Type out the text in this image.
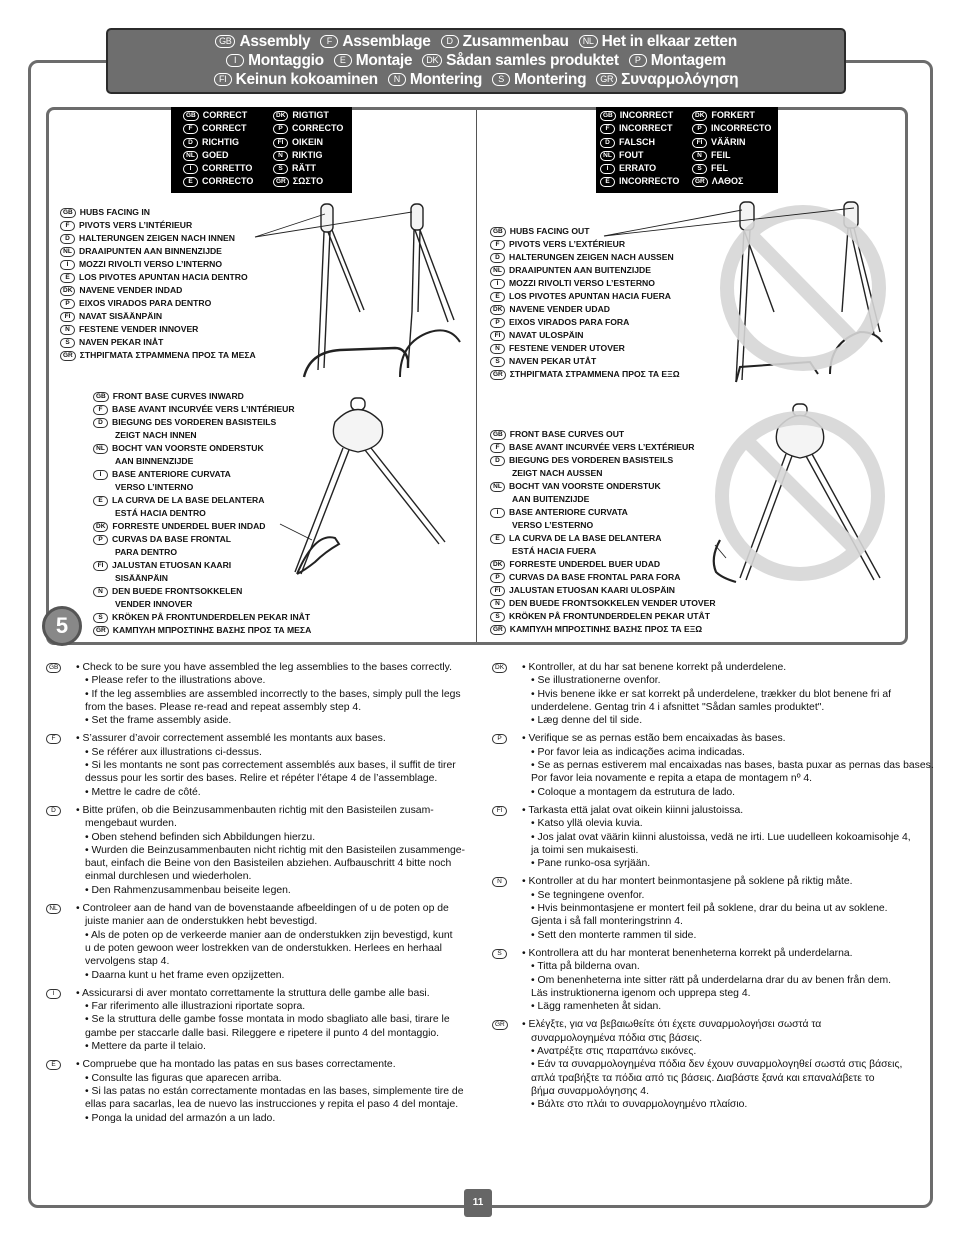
GB Assembly F Assemblage D Zusammenbau NL Het in elkaar zetten
I Montaggio E Montaje DK Sådan samles produktet P Montagem
FI Keinun kokoaminen N Montering S Montering GR Συναρμολόγηση
GB CORRECT
F CORRECT
D RICHTIG
NL GOED
I CORRETTO
E CORRECTO
DK RIGTIGT
P CORRECTO
FI OIKEIN
N RIKTIG
S RÄTT
GR ΣΩΣΤΟ
GB INCORRECT
F INCORRECT
D FALSCH
NL FOUT
I ERRATO
E INCORRECTO
DK FORKERT
P INCORRECTO
FI VÄÄRIN
N FEIL
S FEL
GR ΛΑΘΟΣ
GB HUBS FACING IN
F PIVOTS VERS L’INTÉRIEUR
D HALTERUNGEN ZEIGEN NACH INNEN
NL DRAAIPUNTEN AAN BINNENZIJDE
I MOZZI RIVOLTI VERSO L’INTERNO
E LOS PIVOTES APUNTAN HACIA DENTRO
DK NAVENE VENDER INDAD
P EIXOS VIRADOS PARA DENTRO
FI NAVAT SISÄÄNPÄIN
N FESTENE VENDER INNOVER
S NAVEN PEKAR INÅT
GR ΣΤΗΡΙΓΜΑΤΑ ΣΤΡΑΜΜΕΝΑ ΠΡΟΣ ΤΑ ΜΕΣΑ
GB HUBS FACING OUT
F PIVOTS VERS L’EXTÉRIEUR
D HALTERUNGEN ZEIGEN NACH AUSSEN
NL DRAAIPUNTEN AAN BUITENZIJDE
I MOZZI RIVOLTI VERSO L’ESTERNO
E LOS PIVOTES APUNTAN HACIA FUERA
DK NAVENE VENDER UDAD
P EIXOS VIRADOS PARA FORA
FI NAVAT ULOSPÄIN
N FESTENE VENDER UTOVER
S NAVEN PEKAR UTÅT
GR ΣΤΗΡΙΓΜΑΤΑ ΣΤΡΑΜΜΕΝΑ ΠΡΟΣ ΤΑ ΕΞΩ
GB FRONT BASE CURVES INWARD
F BASE AVANT INCURVÉE VERS L’INTÉRIEUR
D BIEGUNG DES VORDEREN BASISTEILS
ZEIGT NACH INNEN
NL BOCHT VAN VOORSTE ONDERSTUK
AAN BINNENZIJDE
I BASE ANTERIORE CURVATA
VERSO L’INTERNO
E LA CURVA DE LA BASE DELANTERA
ESTÁ HACIA DENTRO
DK FORRESTE UNDERDEL BUER INDAD
P CURVAS DA BASE FRONTAL
PARA DENTRO
FI JALUSTAN ETUOSAN KAARI
SISÄÄNPÄIN
N DEN BUEDE FRONTSOKKELEN
VENDER INNOVER
S KRÖKEN PÅ FRONTUNDERDELEN PEKAR INÅT
GR ΚΑΜΠΥΛΗ ΜΠΡΟΣΤΙΝΗΣ ΒΑΣΗΣ ΠΡΟΣ ΤΑ ΜΕΣΑ
GB FRONT BASE CURVES OUT
F BASE AVANT INCURVÉE VERS L’EXTÉRIEUR
D BIEGUNG DES VORDEREN BASISTEILS
ZEIGT NACH AUSSEN
NL BOCHT VAN VOORSTE ONDERSTUK
AAN BUITENZIJDE
I BASE ANTERIORE CURVATA
VERSO L’ESTERNO
E LA CURVA DE LA BASE DELANTERA
ESTÁ HACIA FUERA
DK FORRESTE UNDERDEL BUER UDAD
P CURVAS DA BASE FRONTAL PARA FORA
FI JALUSTAN ETUOSAN KAARI ULOSPÄIN
N DEN BUEDE FRONTSOKKELEN VENDER UTOVER
S KRÖKEN PÅ FRONTUNDERDELEN PEKAR UTÅT
GR ΚΑΜΠΥΛΗ ΜΠΡΟΣΤΙΝΗΣ ΒΑΣΗΣ ΠΡΟΣ ΤΑ ΕΞΩ
5
GB • Check to be sure you have assembled the leg assemblies to the bases correctly.
• Please refer to the illustrations above.
• If the leg assemblies are assembled incorrectly to the bases, simply pull the legs
from the bases. Please re-read and repeat assembly step 4.
• Set the frame assembly aside.
F	• S’assurer d’avoir correctement assemblé les montants aux bases.
• Se référer aux illustrations ci-dessus.
• Si les montants ne sont pas correctement assemblés aux bases, il suffit de tirer
dessus pour les sortir des bases. Relire et répéter l’étape 4 de l’assemblage.
• Mettre le cadre de côté.
D	• Bitte prüfen, ob die Beinzusammenbauten richtig mit den Basisteilen zusam-
mengebaut wurden.
• Oben stehend befinden sich Abbildungen hierzu.
• Wurden die Beinzusammenbauten nicht richtig mit den Basisteilen zusammenge-
baut, einfach die Beine von den Basisteilen abziehen. Aufbauschritt 4 bitte noch
einmal durchlesen und wiederholen.
• Den Rahmenzusammenbau beiseite legen.
NL	• Controleer aan de hand van de bovenstaande afbeeldingen of u de poten op de
juiste manier aan de onderstukken hebt bevestigd.
• Als de poten op de verkeerde manier aan de onderstukken zijn bevestigd, kunt
u de poten gewoon weer lostrekken van de onderstukken. Herlees en herhaal
vervolgens stap 4.
• Daarna kunt u het frame even opzijzetten.
I	• Assicurarsi di aver montato correttamente la struttura delle gambe alle basi.
• Far riferimento alle illustrazioni riportate sopra.
• Se la struttura delle gambe fosse montata in modo sbagliato alle basi, tirare le
gambe per staccarle dalle basi. Rileggere e ripetere il punto 4 del montaggio.
• Mettere da parte il telaio.
E	• Compruebe que ha montado las patas en sus bases correctamente.
• Consulte las figuras que aparecen arriba.
• Si las patas no están correctamente montadas en las bases, simplemente tire de
ellas para sacarlas, lea de nuevo las instrucciones y repita el paso 4 del montaje.
• Ponga la unidad del armazón a un lado.
DK • Kontroller, at du har sat benene korrekt på underdelene.
• Se illustrationerne ovenfor.
• Hvis benene ikke er sat korrekt på underdelene, trækker du blot benene fri af
underdelene. Gentag trin 4 i afsnittet "Sådan samles produktet".
• Læg denne del til side.
P	• Verifique se as pernas estão bem encaixadas às bases.
• Por favor leia as indicações acima indicadas.
• Se as pernas estiverem mal encaixadas nas bases, basta puxar as pernas das bases.
Por favor leia novamente e repita a etapa de montagem nº 4.
• Coloque a montagem da estrutura de lado.
FI	• Tarkasta että jalat ovat oikein kiinni jalustoissa.
• Katso yllä olevia kuvia.
• Jos jalat ovat väärin kiinni alustoissa, vedä ne irti. Lue uudelleen kokoamisohje 4,
ja toimi sen mukaisesti.
• Pane runko-osa syrjään.
N	• Kontroller at du har montert beinmontasjene på soklene på riktig måte.
• Se tegningene ovenfor.
• Hvis beinmontasjene er montert feil på soklene, drar du beina ut av soklene.
Gjenta i så fall monteringstrinn 4.
• Sett den monterte rammen til side.
S	• Kontrollera att du har monterat benenheterna korrekt på underdelarna.
• Titta på bilderna ovan.
• Om benenheterna inte sitter rätt på underdelarna drar du av benen från dem.
Läs instruktionerna igenom och upprepa steg 4.
• Lägg ramenheten åt sidan.
GR • Ελέγξτε, για να βεβαιωθείτε ότι έχετε συναρμολογήσει σωστά τα
συναρμολογημένα πόδια στις βάσεις.
• Ανατρέξτε στις παραπάνω εικόνες.
• Εάν τα συναρμολογημένα πόδια δεν έχουν συναρμολογηθεί σωστά στις βάσεις,
απλά τραβήξτε τα πόδια από τις βάσεις. Διαβάστε ξανά και επαναλάβετε το
βήμα συναρμολόγησης 4.
• Βάλτε στο πλάι το συναρμολογημένο πλαίσιο.
11
